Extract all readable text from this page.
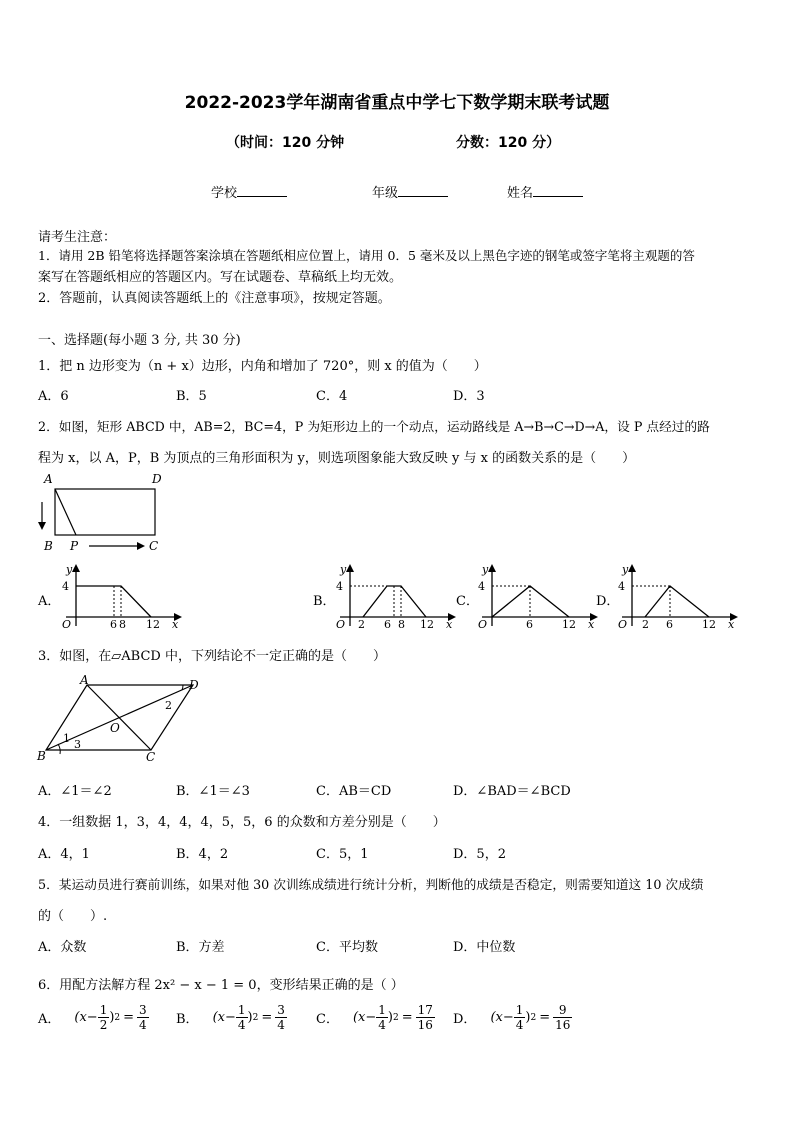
2022-2023学年湖南省重点中学七下数学期末联考试题
（时间：120 分钟	分数：120 分）
学校	年级	姓名
请考生注意：
1．请用 2B 铅笔将选择题答案涂填在答题纸相应位置上，请用 0．5 毫米及以上黑色字迹的钢笔或签字笔将主观题的答
案写在答题纸相应的答题区内。写在试题卷、草稿纸上均无效。
2．答题前，认真阅读答题纸上的《注意事项》，按规定答题。
一、选择题(每小题 3 分, 共 30 分)
1．把 n 边形变为（n + x）边形，内角和增加了 720°，则 x 的值为（　　）
A．6	B．5	C．4	D．3
2．如图，矩形 ABCD 中，AB=2，BC=4，P 为矩形边上的一个动点，运动路线是 A→B→C→D→A，设 P 点经过的路
程为 x，以 A，P，B 为顶点的三角形面积为 y，则选项图象能大致反映 y 与 x 的函数关系的是（　　）
A	D
B P	C
A．
y
4
O	6 8 12 x
B．
y
4
O 2 6 8 12 x
C．
y
4
O	6	12 x
D．
y
4
O 2 6	12 x
3．如图，在▱ABCD 中，下列结论不一定正确的是（　　）
A	D
B	C
O
1
2
3
A．∠1＝∠2	B．∠1＝∠3	C．AB＝CD	D．∠BAD＝∠BCD
4．一组数据 1，3，4，4，4，5，5，6 的众数和方差分别是（　　）
A．4，1	B．4，2	C．5，1	D．5，2
5．某运动员进行赛前训练，如果对他 30 次训练成绩进行统计分析，判断他的成绩是否稳定，则需要知道这 10 次成绩
的（　　）.
A．众数	B．方差	C．平均数	D．中位数
6．用配方法解方程 2x² − x − 1 = 0，变形结果正确的是（ ）
A． ($x- \frac{1}{2}$ ) $2 = \frac{3}{4}$ B． ($x- \frac{1}{4}$ ) $2 = \frac{3}{4}$ C． ($x- \frac{1}{4}$ ) $2 = \frac{17}{16}$ D． ($x- \frac{1}{4}$ ) $2 = \frac{9}{16}$
